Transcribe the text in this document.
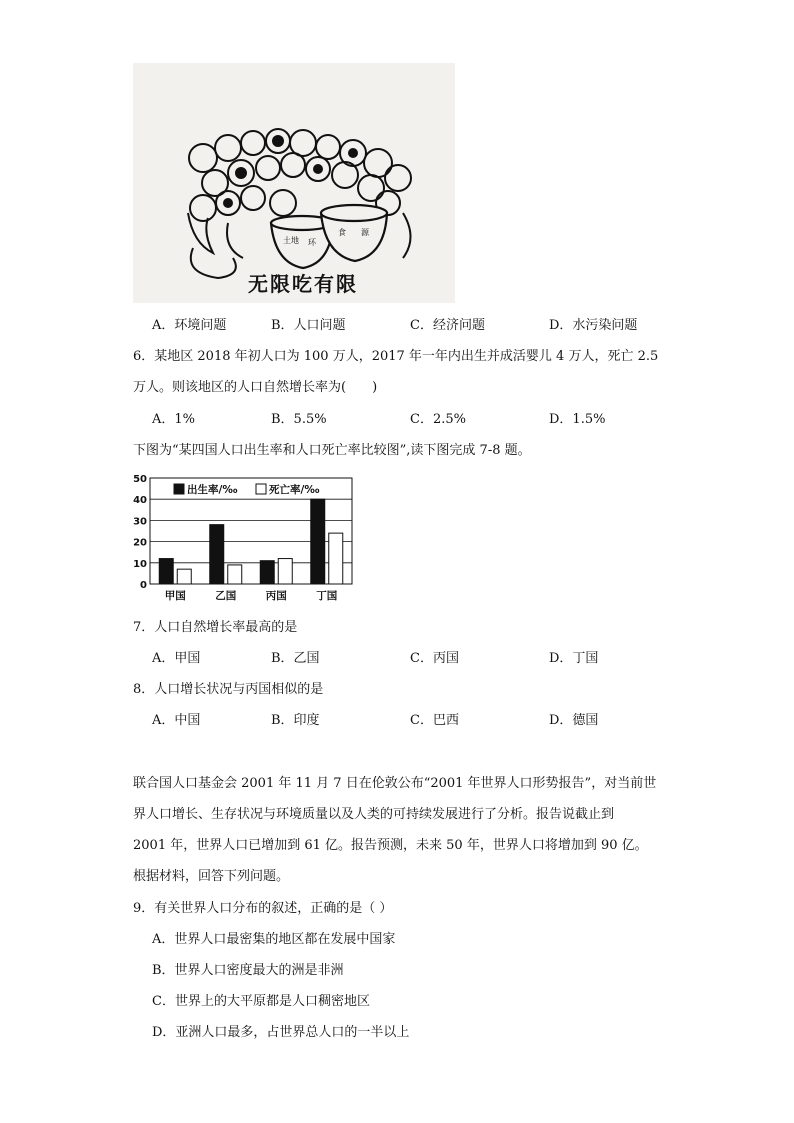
土地 环
食 源
无限吃有限
A．环境问题	B．人口问题	C．经济问题	D．水污染问题
6．某地区 2018 年初人口为 100 万人，2017 年一年内出生并成活婴儿 4 万人，死亡 2.5
万人。则该地区的人口自然增长率为(　　)
A．1%	B．5.5%	C．2.5%	D．1.5%
下图为“某四国人口出生率和人口死亡率比较图”,读下图完成 7-8 题。
0
10
20
30
40
50
甲国	乙国	丙国	丁国
出生率/‰	死亡率/‰
7．人口自然增长率最高的是
A．甲国	B．乙国	C．丙国	D．丁国
8．人口增长状况与丙国相似的是
A．中国	B．印度	C．巴西	D．德国
联合国人口基金会 2001 年 11 月 7 日在伦敦公布“2001 年世界人口形势报告”，对当前世
界人口增长、生存状况与环境质量以及人类的可持续发展进行了分析。报告说截止到
2001 年，世界人口已增加到 61 亿。报告预测，未来 50 年，世界人口将增加到 90 亿。
根据材料，回答下列问题。
9．有关世界人口分布的叙述，正确的是（ ）
A．世界人口最密集的地区都在发展中国家
B．世界人口密度最大的洲是非洲
C．世界上的大平原都是人口稠密地区
D．亚洲人口最多，占世界总人口的一半以上
